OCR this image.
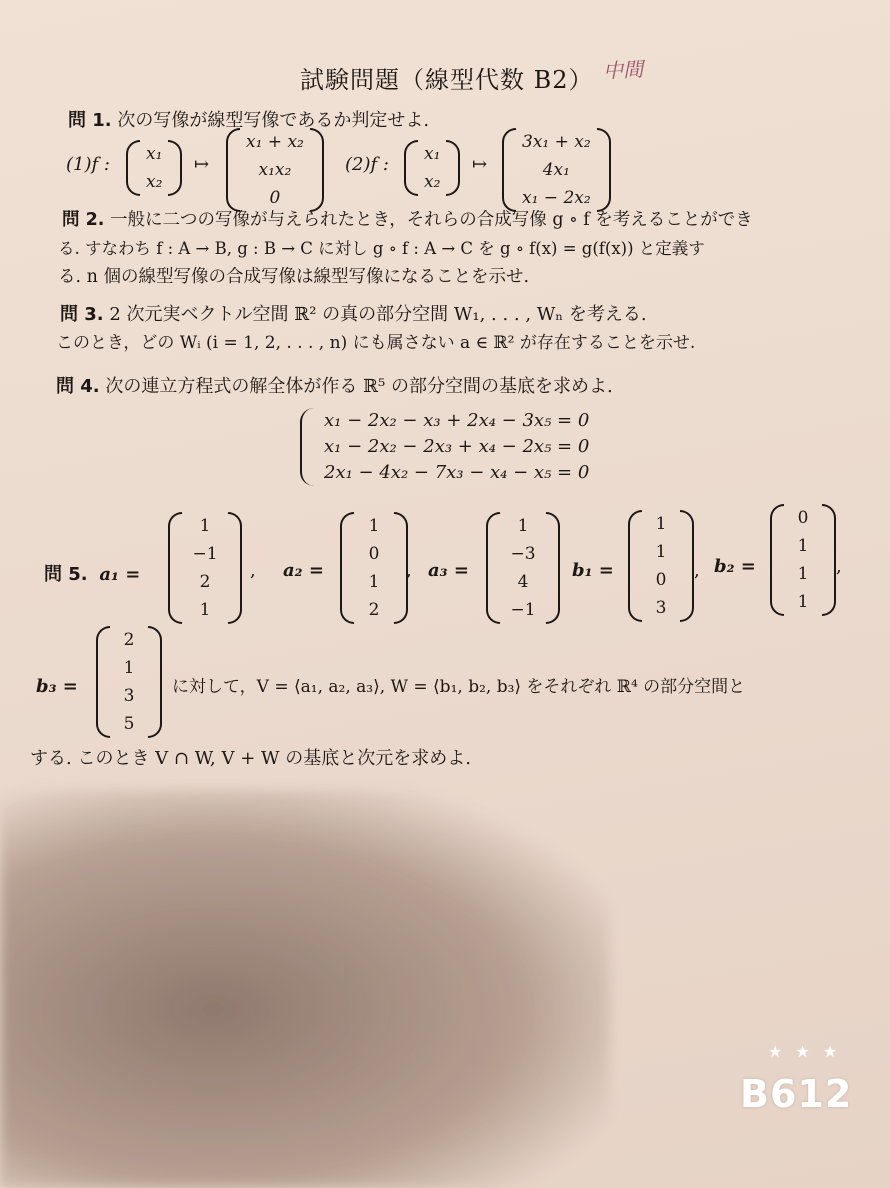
試験問題（線型代数 B2） 中間
問 1. 次の写像が線型写像であるか判定せよ.
(1)f : x₁
x₂
↦
x₁ + x₂
x₁x₂
0
(2)f : x₁
x₂
↦
3x₁ + x₂
4x₁
x₁ − 2x₂
問 2. 一般に二つの写像が与えられたとき，それらの合成写像 g ∘ f を考えることができ
る. すなわち f : A → B, g : B → C に対し g ∘ f : A → C を g ∘ f(x) = g(f(x)) と定義す
る. n 個の線型写像の合成写像は線型写像になることを示せ.
問 3. 2 次元実ベクトル空間 ℝ² の真の部分空間 W₁, . . . , Wₙ を考える.
このとき，どの Wᵢ (i = 1, 2, . . . , n) にも属さない a ∈ ℝ² が存在することを示せ.
問 4. 次の連立方程式の解全体が作る ℝ⁵ の部分空間の基底を求めよ.
x₁ − 2x₂ − x₃ + 2x₄ − 3x₅ = 0
x₁ − 2x₂ − 2x₃ + x₄ − 2x₅ = 0
2x₁ − 4x₂ − 7x₃ − x₄ − x₅ = 0
問 5. a₁ =
1
−1
2
1
, a₂ =
1
0
1
2
, a₃ =
1
−3
4
−1
b₁ =
1
1
0
3
, b₂ =
0
1
1
1
,
b₃ =
2
1
3
5
に対して，V = ⟨a₁, a₂, a₃⟩, W = ⟨b₁, b₂, b₃⟩ をそれぞれ ℝ⁴ の部分空間と
する. このとき V ∩ W, V + W の基底と次元を求めよ.
★ ★ ★
B612
